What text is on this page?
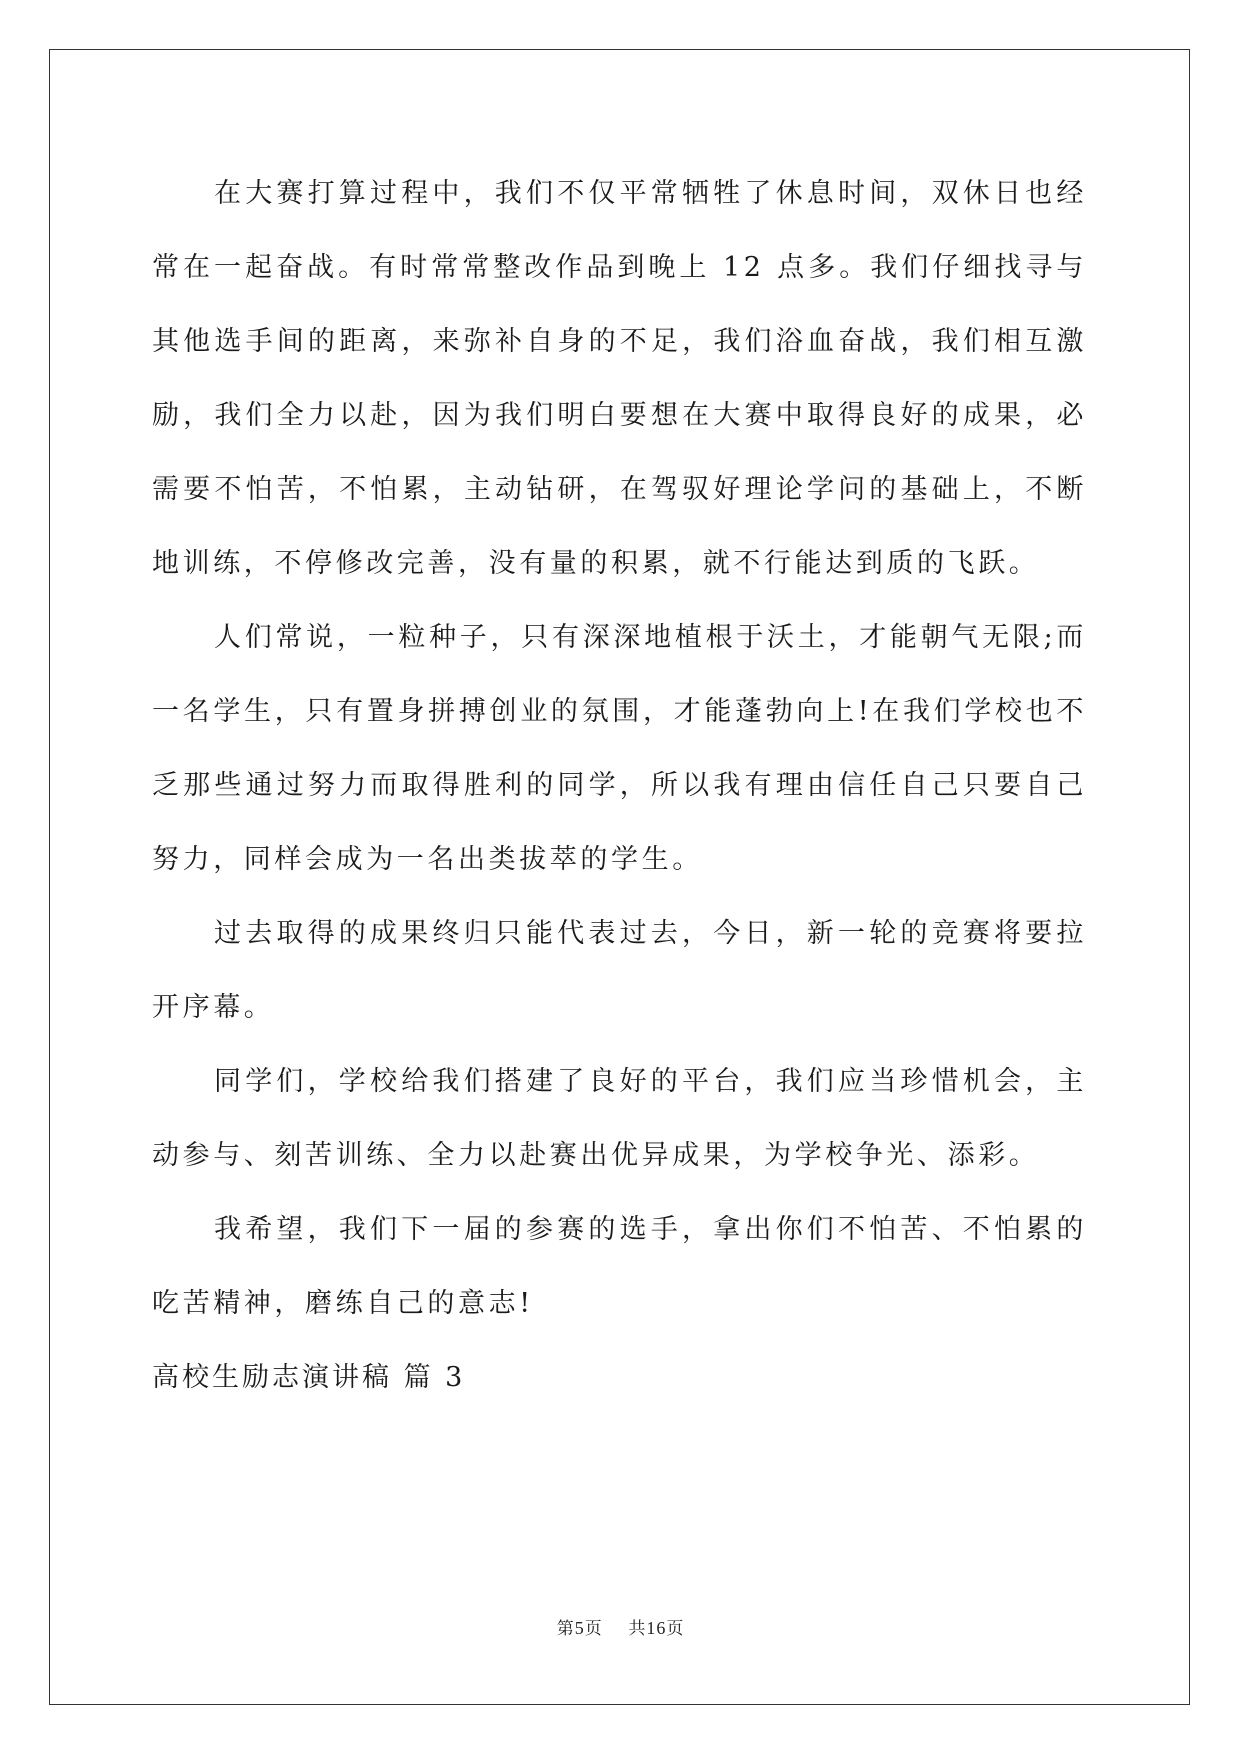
在大赛打算过程中，我们不仅平常牺牲了休息时间，双休日也经常在一起奋战。有时常常整改作品到晚上 12 点多。我们仔细找寻与其他选手间的距离，来弥补自身的不足，我们浴血奋战，我们相互激励，我们全力以赴，因为我们明白要想在大赛中取得良好的成果，必需要不怕苦，不怕累，主动钻研，在驾驭好理论学问的基础上，不断地训练，不停修改完善，没有量的积累，就不行能达到质的飞跃。

人们常说，一粒种子，只有深深地植根于沃土，才能朝气无限;而一名学生，只有置身拼搏创业的氛围，才能蓬勃向上!在我们学校也不乏那些通过努力而取得胜利的同学，所以我有理由信任自己只要自己努力，同样会成为一名出类拔萃的学生。

过去取得的成果终归只能代表过去，今日，新一轮的竞赛将要拉开序幕。

同学们，学校给我们搭建了良好的平台，我们应当珍惜机会，主动参与、刻苦训练、全力以赴赛出优异成果，为学校争光、添彩。

我希望，我们下一届的参赛的选手，拿出你们不怕苦、不怕累的吃苦精神，磨练自己的意志!

高校生励志演讲稿 篇 3

第5页 共16页
